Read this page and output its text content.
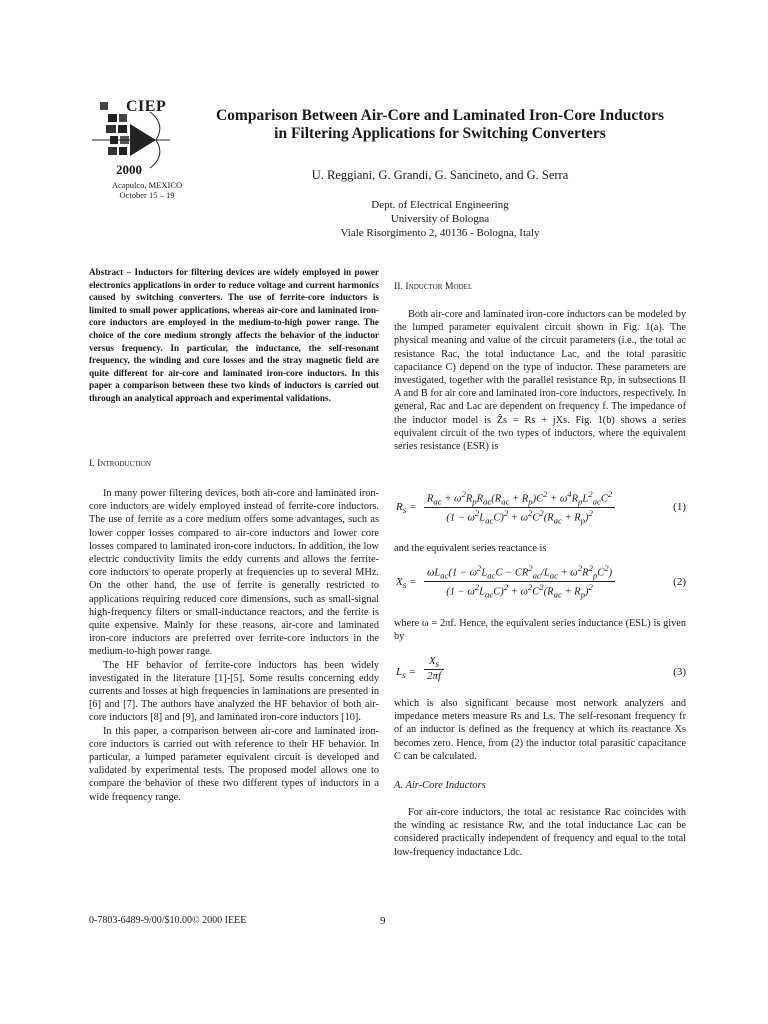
CIEP
2000
Acapulco, MEXICO
October 15 – 19
Comparison Between Air-Core and Laminated Iron-Core Inductors in Filtering Applications for Switching Converters
U. Reggiani, G. Grandi, G. Sancineto, and G. Serra
Dept. of Electrical Engineering
University of Bologna
Viale Risorgimento 2, 40136 - Bologna, Italy
Abstract – Inductors for filtering devices are widely employed in power electronics applications in order to reduce voltage and current harmonics caused by switching converters. The use of ferrite-core inductors is limited to small power applications, whereas air-core and laminated iron-core inductors are employed in the medium-to-high power range. The choice of the core medium strongly affects the behavior of the inductor versus frequency. In particular, the inductance, the self-resonant frequency, the winding and core losses and the stray magnetic field are quite different for air-core and laminated iron-core inductors. In this paper a comparison between these two kinds of inductors is carried out through an analytical approach and experimental validations.
I. Introduction

In many power filtering devices, both air-core and laminated iron-core inductors are widely employed instead of ferrite-core inductors. The use of ferrite as a core medium offers some advantages, such as lower copper losses compared to air-core inductors and lower core losses compared to laminated iron-core inductors. In addition, the low electric conductivity limits the eddy currents and allows the ferrite-core inductors to operate properly at frequencies up to several MHz. On the other hand, the use of ferrite is generally restricted to applications requiring reduced core dimensions, such as small-signal high-frequency filters or small-inductance reactors, and the ferrite is quite expensive. Mainly for these reasons, air-core and laminated iron-core inductors are preferred over ferrite-core inductors in the medium-to-high power range.

The HF behavior of ferrite-core inductors has been widely investigated in the literature [1]-[5]. Some results concerning eddy currents and losses at high frequencies in laminations are presented in [6] and [7]. The authors have analyzed the HF behavior of both air-core inductors [8] and [9], and laminated iron-core inductors [10].

In this paper, a comparison between air-core and laminated iron-core inductors is carried out with reference to their HF behavior. In particular, a lumped parameter equivalent circuit is developed and validated by experimental tests. The proposed model allows one to compare the behavior of these two different types of inductors in a wide frequency range.

II. Inductor Model

Both air-core and laminated iron-core inductors can be modeled by the lumped parameter equivalent circuit shown in Fig. 1(a). The physical meaning and value of the circuit parameters (i.e., the total ac resistance Rac, the total inductance Lac, and the total parasitic capacitance C) depend on the type of inductor. These parameters are investigated, together with the parallel resistance Rp, in subsections II A and B for air core and laminated iron-core inductors, respectively. In general, Rac and Lac are dependent on frequency f. The impedance of the inductor model is Ẑs = Rs + jXs. Fig. 1(b) shows a series equivalent circuit of the two types of inductors, where the equivalent series resistance (ESR) is

$R_s$ =
$R_{ac} + \omega^2R_pR_{ac}(R_{ac} + R_p)C^2 + \omega^4R_pL^2_{ac}C^2$
$(1 - \omega^2L_{ac}C)^2 + \omega^2C^2(R_{ac} + R_p)^2$	(1)
and the equivalent series reactance is
$X_s$ =
$\omega L_{ac}(1 - \omega^2L_{ac}C - CR^2_{ac}/L_{ac} + \omega^2R^2_pC^2)$
$(1 - \omega^2L_{ac}C)^2 + \omega^2C^2(R_{ac} + R_p)^2$	(2)
where ω = 2πf. Hence, the equivalent series inductance (ESL) is given by
$L_s = \frac{X_s}{2\pi f}$	(3)
which is also significant because most network analyzers and impedance meters measure Rs and Ls. The self-resonant frequency fr of an inductor is defined as the frequency at which its reactance Xs becomes zero. Hence, from (2) the inductor total parasitic capacitance C can be calculated.
A. Air-Core Inductors

For air-core inductors, the total ac resistance Rac coincides with the winding ac resistance Rw, and the total inductance Lac can be considered practically independent of frequency and equal to the total low-frequency inductance Ldc.

0-7803-6489-9/00/$10.00© 2000 IEEE	9
